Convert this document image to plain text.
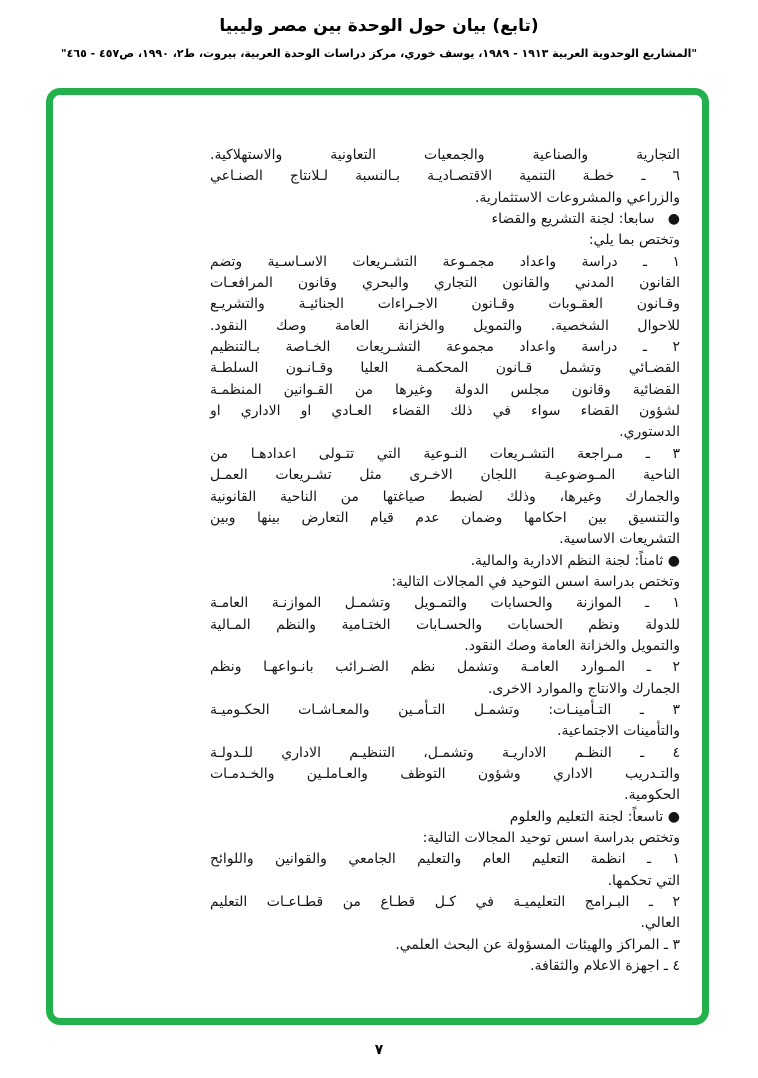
(تابع) بيان حول الوحدة بين مصر وليبيا
"المشاريع الوحدوية العربية ١٩١٣ - ١٩٨٩، يوسف خوري، مركز دراسات الوحدة العربية، بيروت، ط٢، ١٩٩٠، ص٤٥٧ - ٤٦٥"
التجارية والصناعية والجمعيات التعاونية والاستهلاكية.
٦ ـ خطـة التنمية الاقتصـاديـة بـالنسبة لـلانتاج الصنـاعي
والزراعي والمشروعات الاستثمارية.
●   سابعا: لجنة التشريع والقضاء
وتختص بما يلي:
١ ـ دراسة واعداد مجمـوعة التشـريعات الاسـاسـية وتضم
القانون المدني والقانون التجاري والبحري وقانون المرافعـات
وقـانون العقـوبات وقـانون الاجـراءات الجنائيـة والتشريـع
للاحوال الشخصية. والتمويل والخزانة العامة وصك النقود.
٢ ـ دراسة واعداد مجموعة التشـريعات الخـاصة بـالتنظيم
القضـائي وتشمل قـانون المحكمـة العليا وقـانـون السلطـة
القضائية وقانون مجلس الدولة وغيرها من القـوانين المنظمـة
لشؤون القضاء سواء في ذلك القضاء العـادي او الاداري او
الدستوري.
٣ ـ مـراجعة التشـريعات النـوعية التي تتـولى اعدادهـا من
الناحية المـوضوعيـة اللجان الاخـرى مثل تشـريعات العمـل
والجمارك وغيرها، وذلك لضبط صياغتها من الناحية القانونية
والتنسيق بين احكامها وضمان عدم قيام التعارض بينها وبين
التشريعات الاساسية.
● ثامناً: لجنة النظم الادارية والمالية.
وتختص بدراسة اسس التوحيد في المجالات التالية:
١ ـ الموازنة والحسابات والتمـويل وتشمـل الموازنـة العامـة
للدولة ونظم الحسابات والحسـابات الختـامية والنظم المـالية
والتمويل والخزانة العامة وصك النقود.
٢ ـ المـوارد العامـة وتشمل نظم الضـرائب بانـواعهـا ونظم
الجمارك والانتاج والموارد الاخرى.
٣ ـ التـأمينـات: وتشمـل التـأمـين والمعـاشـات الحكـوميـة
والتأمينات الاجتماعية.
٤ ـ النظـم الاداريـة وتشمـل، التنظيـم الاداري للـدولـة
والتـدريب الاداري وشؤون التوظف والعـاملـين والخـدمـات
الحكومية.
● تاسعاً: لجنة التعليم والعلوم
وتختص بدراسة اسس توحيد المجالات التالية:
١ ـ انظمة التعليم العام والتعليم الجامعي والقوانين واللوائح
التي تحكمها.
٢ ـ البـرامج التعليميـة في كـل قطـاع من قطـاعـات التعليم
العالي.
٣ ـ المراكز والهيئات المسؤولة عن البحث العلمي.
٤ ـ اجهزة الاعلام والثقافة.
٧
